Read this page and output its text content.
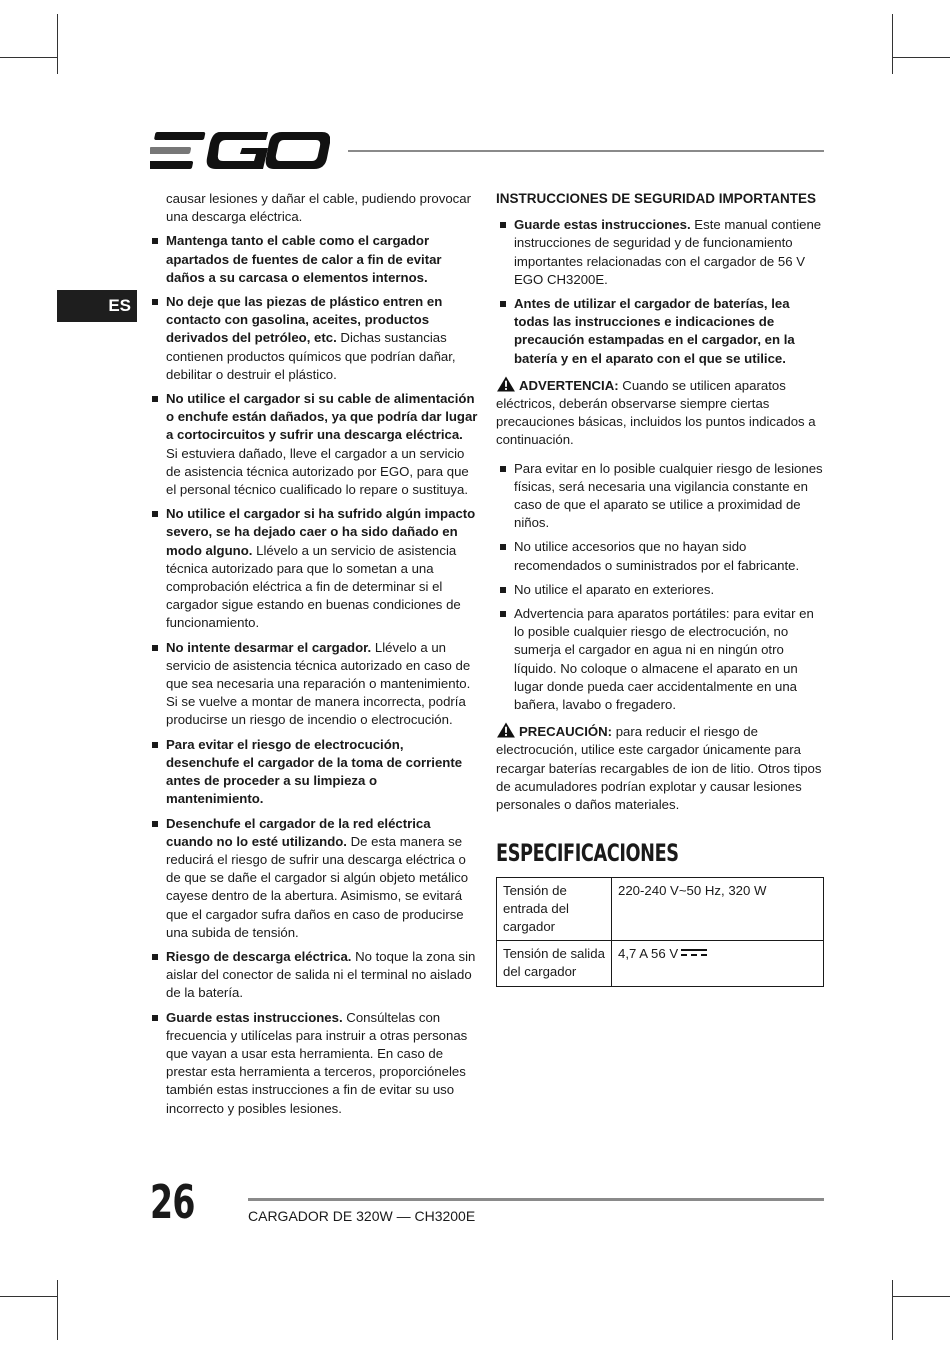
ES

causar lesiones y dañar el cable, pudiendo provocar una descarga eléctrica.

Mantenga tanto el cable como el cargador apartados de fuentes de calor a fin de evitar daños a su carcasa o elementos internos.

No deje que las piezas de plástico entren en contacto con gasolina, aceites, productos derivados del petróleo, etc. Dichas sustancias contienen productos químicos que podrían dañar, debilitar o destruir el plástico.

No utilice el cargador si su cable de alimentación o enchufe están dañados, ya que podría dar lugar a cortocircuitos y sufrir una descarga eléctrica. Si estuviera dañado, lleve el cargador a un servicio de asistencia técnica autorizado por EGO, para que el personal técnico cualificado lo repare o sustituya.

No utilice el cargador si ha sufrido algún impacto severo, se ha dejado caer o ha sido dañado en modo alguno. Llévelo a un servicio de asistencia técnica autorizado para que lo sometan a una comprobación eléctrica a fin de determinar si el cargador sigue estando en buenas condiciones de funcionamiento.

No intente desarmar el cargador. Llévelo a un servicio de asistencia técnica autorizado en caso de que sea necesaria una reparación o mantenimiento. Si se vuelve a montar de manera incorrecta, podría producirse un riesgo de incendio o electrocución.

Para evitar el riesgo de electrocución, desenchufe el cargador de la toma de corriente antes de proceder a su limpieza o mantenimiento.

Desenchufe el cargador de la red eléctrica cuando no lo esté utilizando. De esta manera se reducirá el riesgo de sufrir una descarga eléctrica o de que se dañe el cargador si algún objeto metálico cayese dentro de la abertura. Asimismo, se evitará que el cargador sufra daños en caso de producirse una subida de tensión.

Riesgo de descarga eléctrica. No toque la zona sin aislar del conector de salida ni el terminal no aislado de la batería.

Guarde estas instrucciones. Consúltelas con frecuencia y utilícelas para instruir a otras personas que vayan a usar esta herramienta. En caso de prestar esta herramienta a terceros, proporcióneles también estas instrucciones a fin de evitar su uso incorrecto y posibles lesiones.

INSTRUCCIONES DE SEGURIDAD IMPORTANTES

Guarde estas instrucciones. Este manual contiene instrucciones de seguridad y de funcionamiento importantes relacionadas con el cargador de 56 V EGO CH3200E.

Antes de utilizar el cargador de baterías, lea todas las instrucciones e indicaciones de precaución estampadas en el cargador, en la batería y en el aparato con el que se utilice.

ADVERTENCIA: Cuando se utilicen aparatos eléctricos, deberán observarse siempre ciertas precauciones básicas, incluidos los puntos indicados a continuación.

Para evitar en lo posible cualquier riesgo de lesiones físicas, será necesaria una vigilancia constante en caso de que el aparato se utilice a proximidad de niños.

No utilice accesorios que no hayan sido recomendados o suministrados por el fabricante.

No utilice el aparato en exteriores.

Advertencia para aparatos portátiles: para evitar en lo posible cualquier riesgo de electrocución, no sumerja el cargador en agua ni en ningún otro líquido. No coloque o almacene el aparato en un lugar donde pueda caer accidentalmente en una bañera, lavabo o fregadero.

PRECAUCIÓN: para reducir el riesgo de electrocución, utilice este cargador únicamente para recargar baterías recargables de ion de litio. Otros tipos de acumuladores podrían explotar y causar lesiones personales o daños materiales.

ESPECIFICACIONES
Tensión de entrada del cargador	220-240 V~50 Hz, 320 W
Tensión de salida del cargador	4,7 A 56 V
26	CARGADOR DE 320W — CH3200E
